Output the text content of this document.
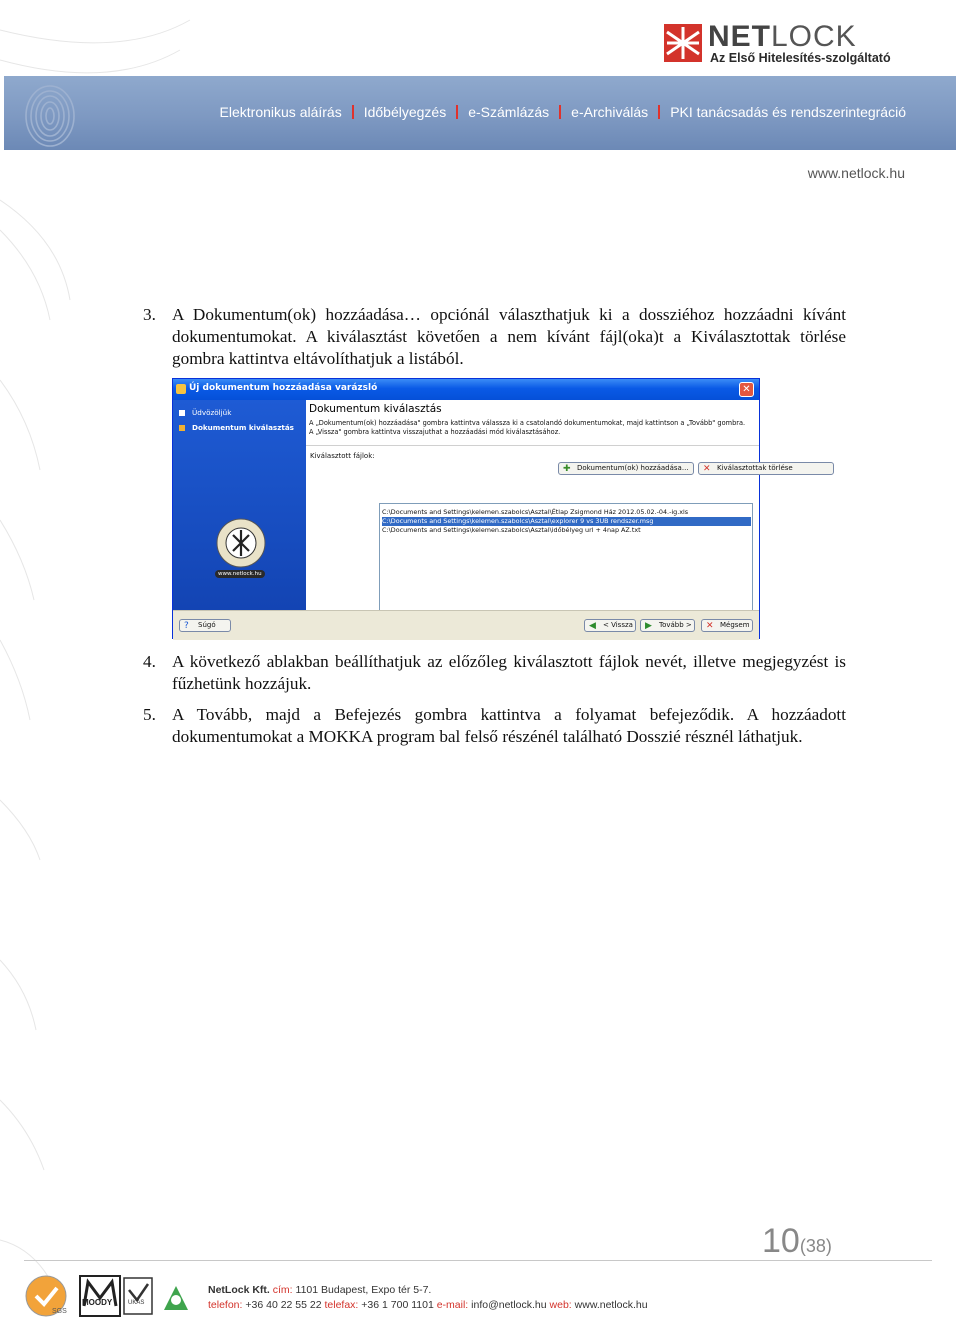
NETLOCK
Az Első Hitelesítés-szolgáltató
Elektronikus aláírás Időbélyegzés e-Számlázás e-Archiválás PKI tanácsadás és rendszerintegráció
www.netlock.hu
3. A Dokumentum(ok) hozzáadása… opciónál választhatjuk ki a dossziéhoz hozzáadni kívánt dokumentumokat. A kiválasztást követően a nem kívánt fájl(oka)t a Kiválasztottak törlése gombra kattintva eltávolíthatjuk a listából.
Új dokumentum hozzáadása varázsló	✕
Üdvözöljük
Dokumentum kiválasztás
www.netlock.hu
Dokumentum kiválasztás
A „Dokumentum(ok) hozzáadása" gombra kattintva válassza ki a csatolandó dokumentumokat, majd kattintson a „Tovább" gombra. A „Vissza" gombra kattintva visszajuthat a hozzáadási mód kiválasztásához.
Kiválasztott fájlok:
✚ Dokumentum(ok) hozzáadása...	✕ Kiválasztottak törlése
C:\Documents and Settings\kelemen.szabolcs\Asztal\Étlap Zsigmond Ház 2012.05.02.-04.-ig.xls
C:\Documents and Settings\kelemen.szabolcs\Asztal\explorer 9 vs 3UB rendszer.msg
C:\Documents and Settings\kelemen.szabolcs\Asztal\időbélyeg url + 4nap AZ.txt
? Súgó	◀ < Vissza	▶ Tovább >	✕ Mégsem
4. A következő ablakban beállíthatjuk az előzőleg kiválasztott fájlok nevét, illetve megjegyzést is fűzhetünk hozzájuk.
5. A Tovább, majd a Befejezés gombra kattintva a folyamat befejeződik. A hozzáadott dokumentumokat a MOKKA program bal felső részénél található Dosszié résznél láthatjuk.
10(38)
SGS
MOODY	UKAS
NetLock Kft. cím: 1101 Budapest, Expo tér 5-7.
telefon: +36 40 22 55 22 telefax: +36 1 700 1101 e-mail: info@netlock.hu web: www.netlock.hu
